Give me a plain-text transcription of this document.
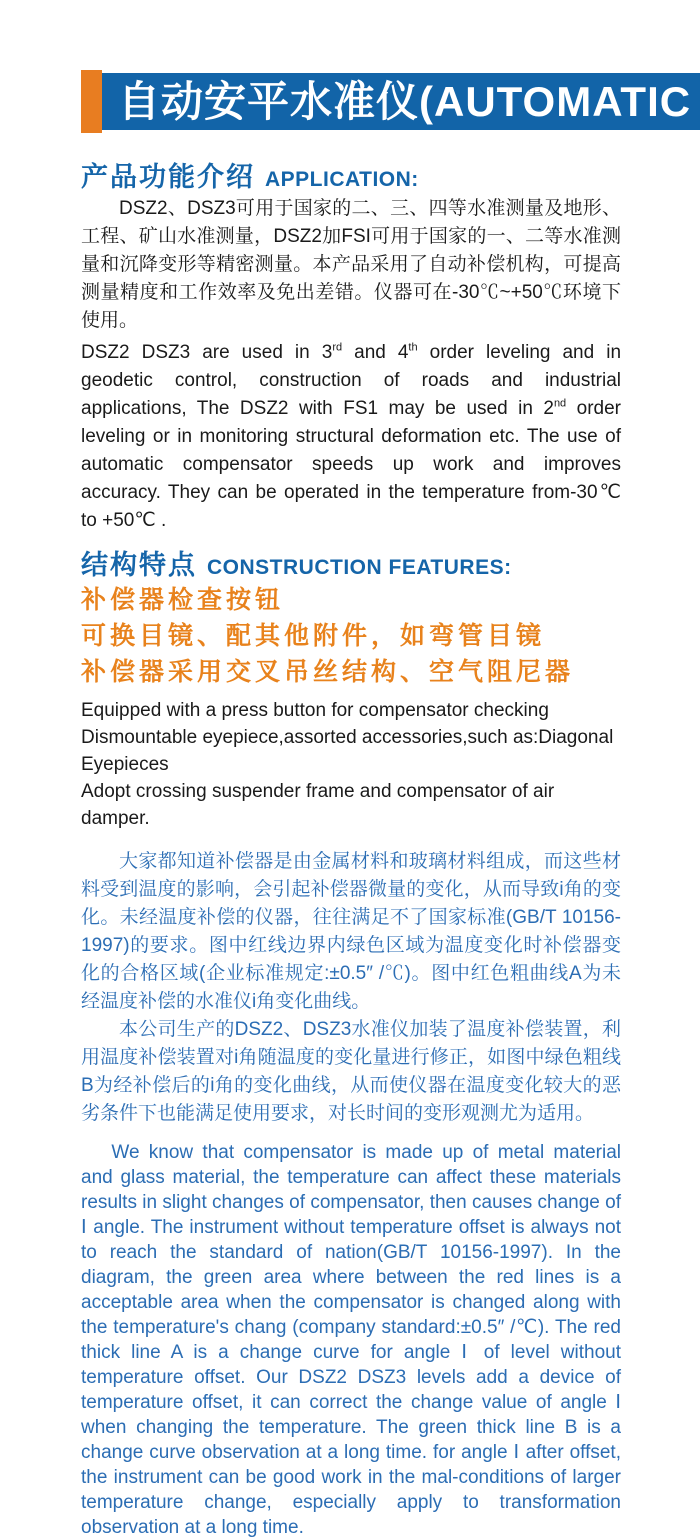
自动安平水准仪(AUTOMATIC
产品功能介绍 APPLICATION:

DSZ2、DSZ3可用于国家的二、三、四等水准测量及地形、工程、矿山水准测量，DSZ2加FSI可用于国家的一、二等水准测量和沉降变形等精密测量。本产品采用了自动补偿机构，可提高测量精度和工作效率及免出差错。仪器可在-30℃~+50℃环境下使用。

DSZ2 DSZ3 are used in 3rd and 4th order leveling and in geodetic control, construction of roads and industrial applications, The DSZ2 with FS1 may be used in 2nd order leveling or in monitoring structural deformation etc. The use of automatic compensator speeds up work and improves accuracy. They can be operated in the temperature from-30℃ to +50℃ .

结构特点 CONSTRUCTION FEATURES:
补偿器检查按钮
可换目镜、配其他附件，如弯管目镜
补偿器采用交叉吊丝结构、空气阻尼器
Equipped with a press button for compensator checking
Dismountable eyepiece,assorted accessories,such as:Diagonal Eyepieces
Adopt crossing suspender frame and compensator of air damper.

大家都知道补偿器是由金属材料和玻璃材料组成，而这些材料受到温度的影响，会引起补偿器微量的变化，从而导致i角的变化。未经温度补偿的仪器，往往满足不了国家标准(GB/T 10156-1997)的要求。图中红线边界内绿色区域为温度变化时补偿器变化的合格区域(企业标准规定:±0.5″ /℃)。图中红色粗曲线A为未经温度补偿的水准仪i角变化曲线。

本公司生产的DSZ2、DSZ3水准仪加装了温度补偿装置，利用温度补偿装置对i角随温度的变化量进行修正，如图中绿色粗线B为经补偿后的i角的变化曲线，从而使仪器在温度变化较大的恶劣条件下也能满足使用要求，对长时间的变形观测尤为适用。

We know that compensator is made up of metal material and glass material, the temperature can affect these materials results in slight changes of compensator, then causes change of Ⅰ angle. The instrument without temperature offset is always not to reach the standard of nation(GB/T 10156-1997). In the diagram, the green area where between the red lines is a acceptable area when the compensator is changed along with the temperature's chang (company standard:±0.5″ /℃). The red thick line A is a change curve for angle Ⅰ of level without temperature offset. Our DSZ2 DSZ3 levels add a device of temperature offset, it can correct the change value of angle Ⅰ when changing the temperature. The green thick line B is a change curve observation at a long time. for angle Ⅰ after offset, the instrument can be good work in the mal-conditions of larger temperature change, especially apply to transformation observation at a long time.
